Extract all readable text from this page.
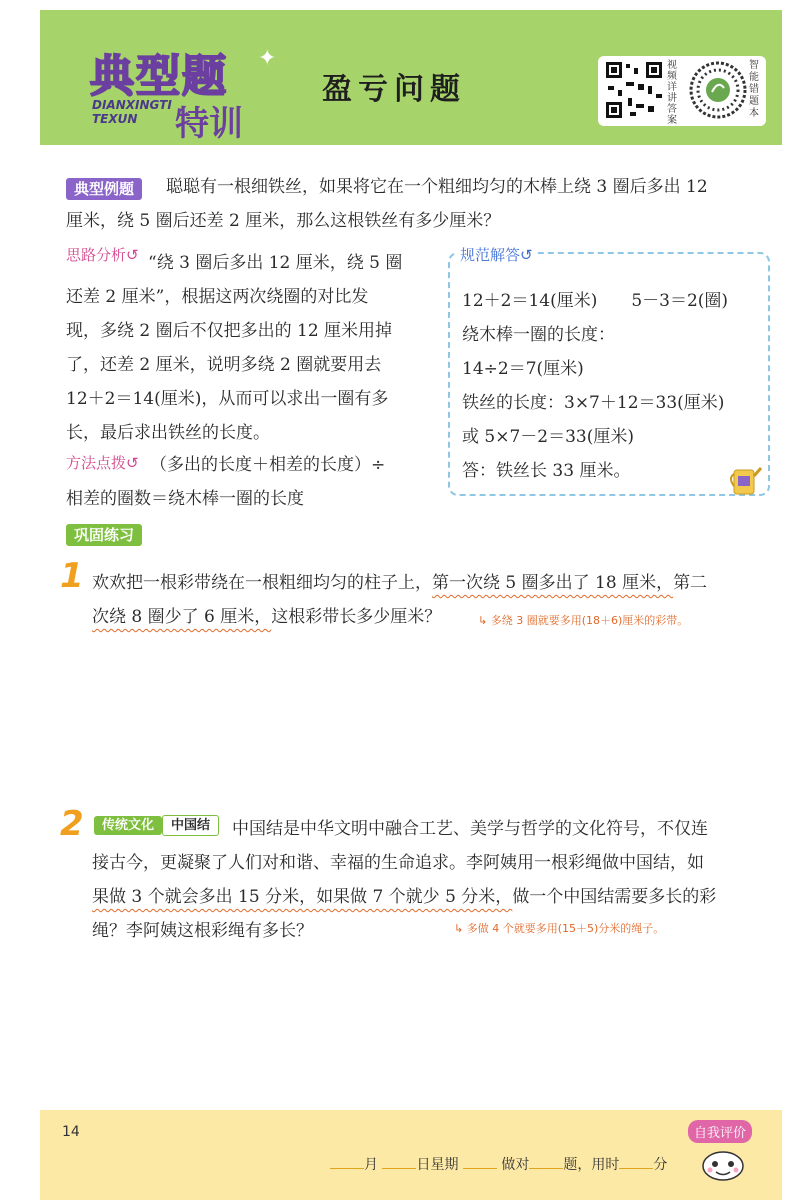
典型题 ✦
DIANXINGTI
TEXUN	特训
盈亏问题
视频详讲答案
智能错题本
典型例题	聪聪有一根细铁丝，如果将它在一个粗细均匀的木棒上绕 3 圈后多出 12
厘米，绕 5 圈后还差 2 厘米，那么这根铁丝有多少厘米？
思路分析↺ “绕 3 圈后多出 12 厘米，绕 5 圈
还差 2 厘米”，根据这两次绕圈的对比发
现，多绕 2 圈后不仅把多出的 12 厘米用掉
了，还差 2 厘米，说明多绕 2 圈就要用去
12＋2＝14(厘米)，从而可以求出一圈有多
长，最后求出铁丝的长度。
方法点拨↺ （多出的长度＋相差的长度）÷
相差的圈数＝绕木棒一圈的长度
规范解答↺
12＋2＝14(厘米)　　5－3＝2(圈)
绕木棒一圈的长度：
14÷2＝7(厘米)
铁丝的长度：3×7＋12＝33(厘米)
或 5×7－2＝33(厘米)
答：铁丝长 33 厘米。
巩固练习
1 欢欢把一根彩带绕在一根粗细均匀的柱子上，第一次绕 5 圈多出了 18 厘米，第二
次绕 8 圈少了 6 厘米，这根彩带长多少厘米？	↳ 多绕 3 圈就要多用(18＋6)厘米的彩带。
2	传统文化 中国结	中国结是中华文明中融合工艺、美学与哲学的文化符号，不仅连
接古今，更凝聚了人们对和谐、幸福的生命追求。李阿姨用一根彩绳做中国结，如
果做 3 个就会多出 15 分米，如果做 7 个就少 5 分米，做一个中国结需要多长的彩
绳？李阿姨这根彩绳有多长？	↳ 多做 4 个就要多用(15＋5)分米的绳子。
14
月	日星期	做对 题，用时 分
自我评价
